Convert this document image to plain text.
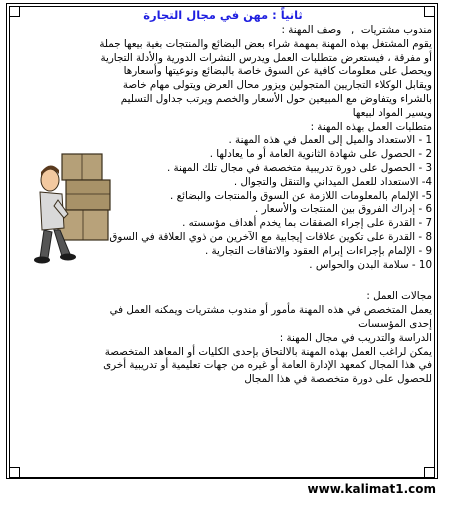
ثانياً : مهن في مجال التجارة
مندوب مشتريات  ,   وصف المهنة :
يقوم المشتغل بهذه المهنة بمهمة شراء بعض البضائع والمنتجات بغية بيعها جملة
أو مفرقة ، فيستعرض متطلبات العمل ويدرس النشرات الدورية والأدلة التجارية
ويحصل على معلومات كافية عن السوق خاصة بالبضائع ونوعيتها وأسعارها
ويقابل الوكلاء التجاريين المتجولين ويزور محال العرض ويتولى مهام خاصة
بالشراء ويتفاوض مع المبيعين حول الأسعار والخصم ويرتب جداول التسليم
ويسير المواد لبيعها
متطلبات العمل بهذه المهنة :
1 - الاستعداد والميل إلى العمل في هذه المهنة .
2 - الحصول على شهادة الثانوية العامة أو ما يعادلها .
3 - الحصول على دورة تدريبية متخصصة في مجال تلك المهنة .
4- الاستعداد للعمل الميداني والتنقل والتجوال .
5- الإلمام بالمعلومات اللازمة عن السوق والمنتجات والبضائع .
6 - إدراك الفروق بين المنتجات والأسعار .
7 - القدرة على إجراء الصفقات بما يخدم أهداف مؤسسته .
8 - القدرة على تكوين علاقات إيجابية مع الآخرين من ذوي العلاقة في السوق
9 - الإلمام بإجراءات إبرام العقود والاتفاقات التجارية .
10 - سلامة البدن والحواس .
مجالات العمل :
يعمل المتخصص في هذه المهنة مأمور أو مندوب مشتريات ويمكنه العمل في
إحدى المؤسسات
الدراسة والتدريب في مجال المهنة :
يمكن لراغب العمل بهذه المهنة بالالتحاق بإحدى الكليات أو المعاهد المتخصصة
في هذا المجال كمعهد الإدارة العامة أو غيره من جهات تعليمية أو تدريبية أخرى
للحصول على دورة متخصصة في هذا المجال
www.kalimat1.com
